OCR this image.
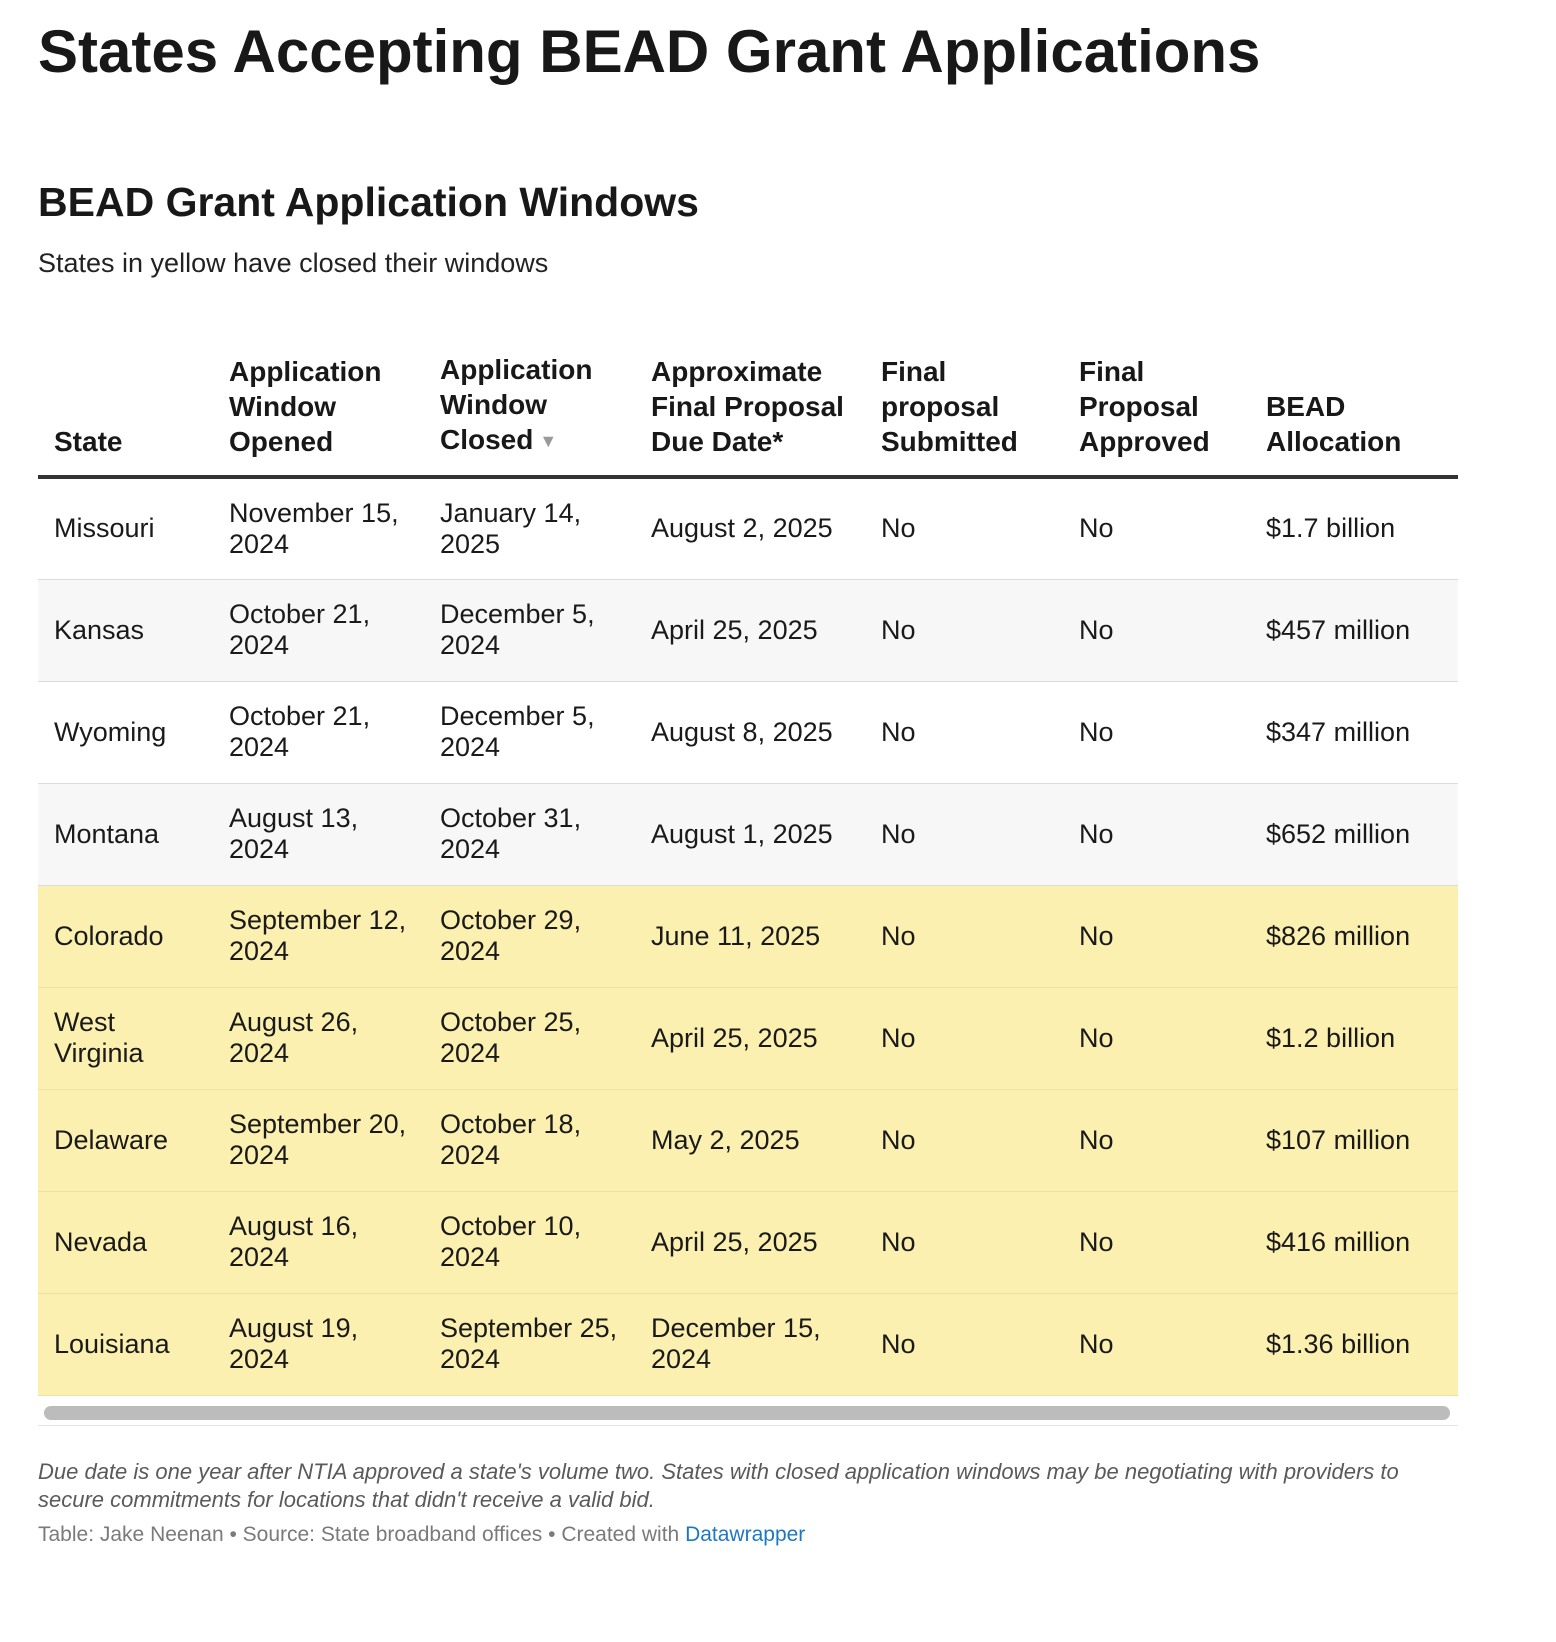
States Accepting BEAD Grant Applications
BEAD Grant Application Windows

States in yellow have closed their windows

State	Application Window Opened	Application Window Closed ▼	Approximate Final Proposal Due Date*	Final proposal Submitted	Final Proposal Approved	BEAD Allocation
Missouri	November 15, 2024	January 14, 2025	August 2, 2025	No	No	$1.7 billion
Kansas	October 21, 2024	December 5, 2024	April 25, 2025	No	No	$457 million
Wyoming	October 21, 2024	December 5, 2024	August 8, 2025	No	No	$347 million
Montana	August 13, 2024	October 31, 2024	August 1, 2025	No	No	$652 million
Colorado	September 12, 2024	October 29, 2024	June 11, 2025	No	No	$826 million
West Virginia	August 26, 2024	October 25, 2024	April 25, 2025	No	No	$1.2 billion
Delaware	September 20, 2024	October 18, 2024	May 2, 2025	No	No	$107 million
Nevada	August 16, 2024	October 10, 2024	April 25, 2025	No	No	$416 million
Louisiana	August 19, 2024	September 25, 2024	December 15, 2024	No	No	$1.36 billion

Due date is one year after NTIA approved a state's volume two. States with closed application windows may be negotiating with providers to secure commitments for locations that didn't receive a valid bid.

Table: Jake Neenan • Source: State broadband offices • Created with Datawrapper
